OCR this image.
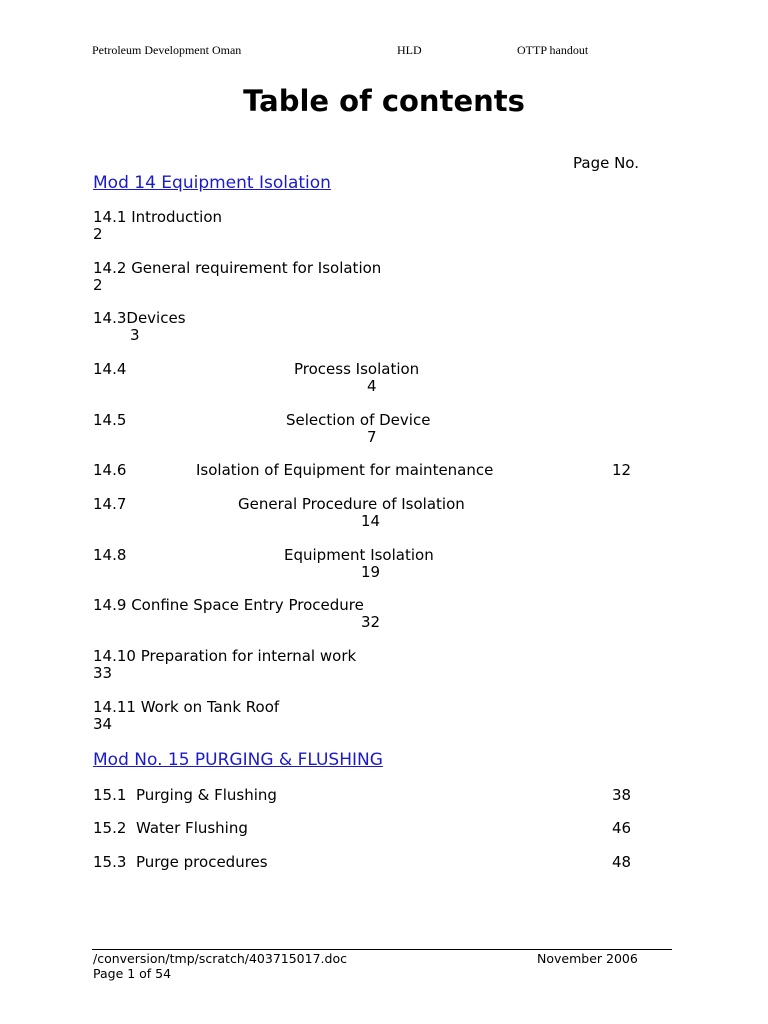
Petroleum Development Oman	HLD	OTTP handout
Table of contents
Page No.
Mod 14 Equipment Isolation
14.1 Introduction
2
14.2 General requirement for Isolation
2
14.3Devices
3
14.4	Process Isolation
4
14.5	Selection of Device
7
14.6	Isolation of Equipment for maintenance	12
14.7	General Procedure of Isolation
14
14.8	Equipment Isolation
19
14.9 Confine Space Entry Procedure
32
14.10 Preparation for internal work
33
14.11 Work on Tank Roof
34
Mod No. 15 PURGING & FLUSHING
15.1 Purging & Flushing	38
15.2 Water Flushing	46
15.3 Purge procedures	48
/conversion/tmp/scratch/403715017.doc	November 2006
Page 1 of 54
